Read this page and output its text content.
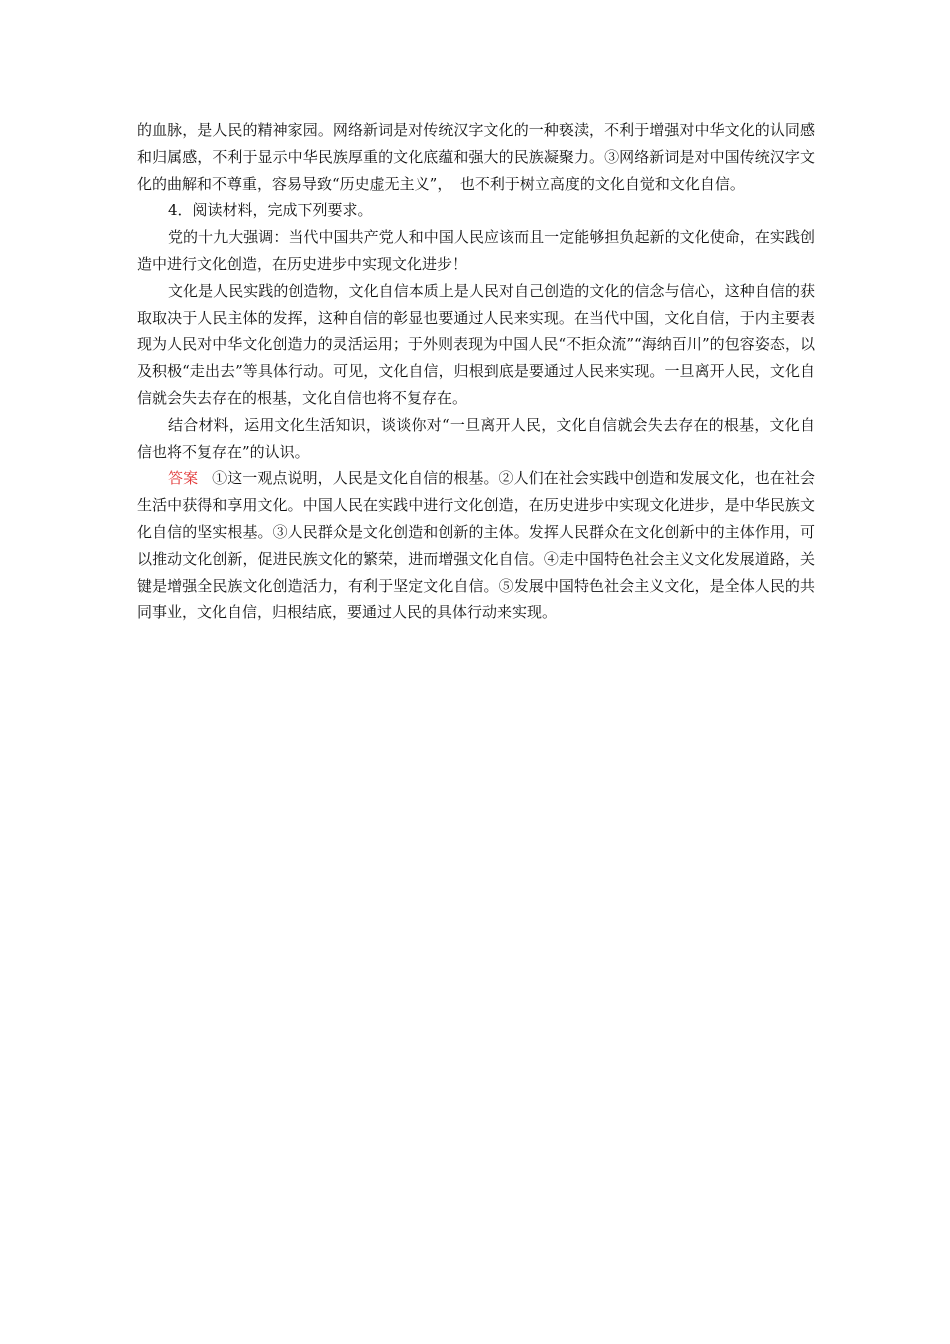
的血脉，是人民的精神家园。网络新词是对传统汉字文化的一种亵渎，不利于增强对中华文化的认同感和归属感，不利于显示中华民族厚重的文化底蕴和强大的民族凝聚力。③网络新词是对中国传统汉字文化的曲解和不尊重，容易导致“历史虚无主义”，　也不利于树立高度的文化自觉和文化自信。

4．阅读材料，完成下列要求。

党的十九大强调：当代中国共产党人和中国人民应该而且一定能够担负起新的文化使命，在实践创造中进行文化创造，在历史进步中实现文化进步！

文化是人民实践的创造物，文化自信本质上是人民对自己创造的文化的信念与信心，这种自信的获取取决于人民主体的发挥，这种自信的彰显也要通过人民来实现。在当代中国，文化自信，于内主要表现为人民对中华文化创造力的灵活运用；于外则表现为中国人民“不拒众流”“海纳百川”的包容姿态，以及积极“走出去”等具体行动。可见，文化自信，归根到底是要通过人民来实现。一旦离开人民，文化自信就会失去存在的根基，文化自信也将不复存在。

结合材料，运用文化生活知识，谈谈你对“一旦离开人民，文化自信就会失去存在的根基，文化自信也将不复存在”的认识。

答案 ①这一观点说明，人民是文化自信的根基。②人们在社会实践中创造和发展文化，也在社会生活中获得和享用文化。中国人民在实践中进行文化创造，在历史进步中实现文化进步，是中华民族文化自信的坚实根基。③人民群众是文化创造和创新的主体。发挥人民群众在文化创新中的主体作用，可以推动文化创新，促进民族文化的繁荣，进而增强文化自信。④走中国特色社会主义文化发展道路，关键是增强全民族文化创造活力，有利于坚定文化自信。⑤发展中国特色社会主义文化，是全体人民的共同事业，文化自信，归根结底，要通过人民的具体行动来实现。
